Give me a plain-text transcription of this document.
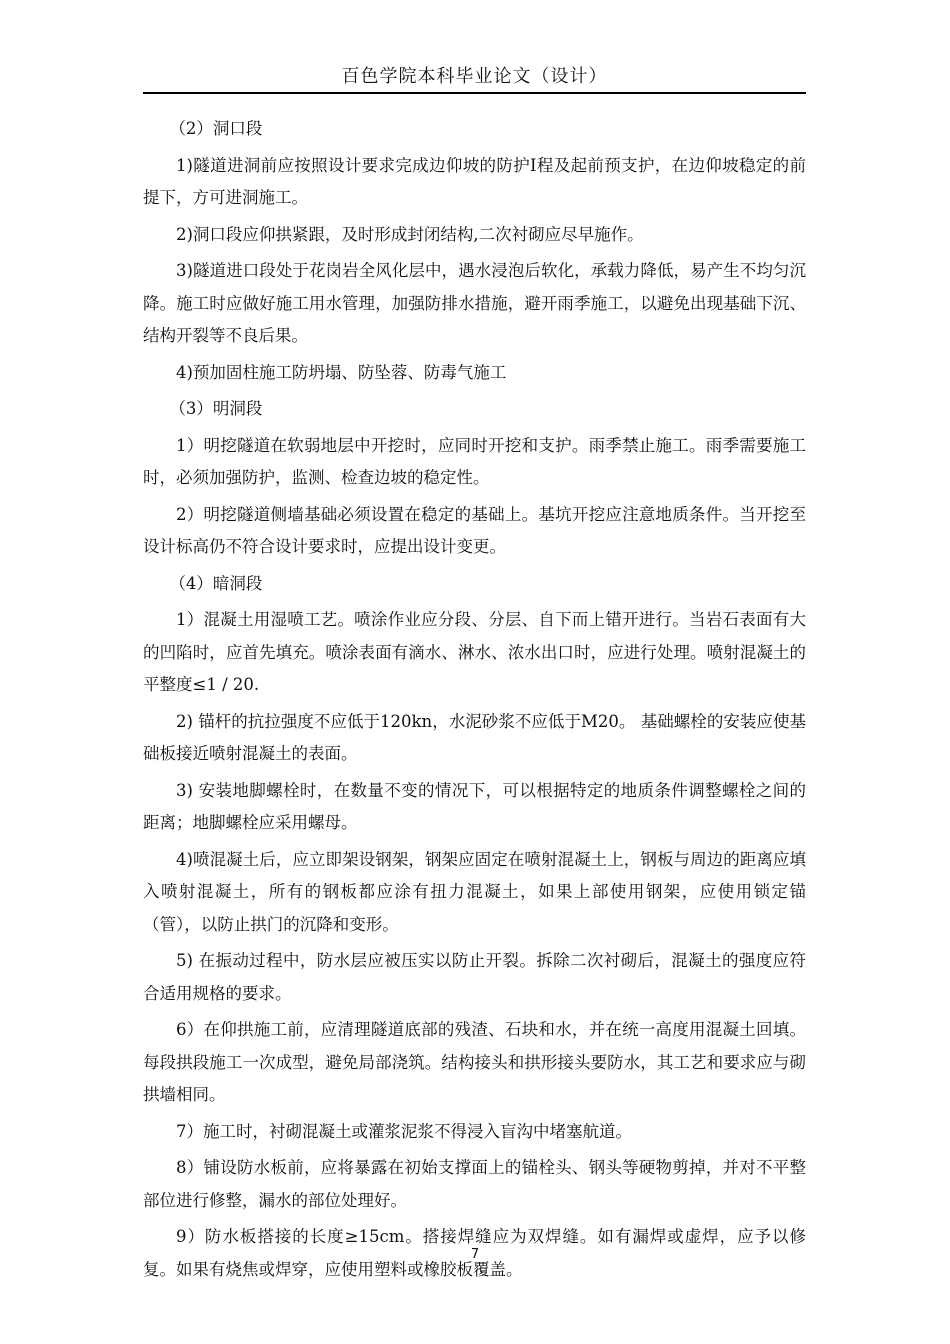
百色学院本科毕业论文（设计）

（2）洞口段

1)隧道进洞前应按照设计要求完成边仰坡的防护Ⅰ程及起前预支护，在边仰坡稳定的前提下，方可进洞施工。

2)洞口段应仰拱紧跟，及时形成封闭结构,二次衬砌应尽早施作。

3)隧道进口段处于花岗岩全风化层中，遇水浸泡后软化，承载力降低，易产生不均匀沉降。施工时应做好施工用水管理，加强防排水措施，避开雨季施工，以避免出现基础下沉、结构开裂等不良后果。

4)预加固柱施工防坍塌、防坠蓉、防毒气施工

（3）明洞段

1）明挖隧道在软弱地层中开挖时，应同时开挖和支护。雨季禁止施工。雨季需要施工时，必须加强防护，监测、检查边坡的稳定性。

2）明挖隧道侧墙基础必须设置在稳定的基础上。基坑开挖应注意地质条件。当开挖至设计标高仍不符合设计要求时，应提出设计变更。

（4）暗洞段

1）混凝土用湿喷工艺。喷涂作业应分段、分层、自下而上错开进行。当岩石表面有大的凹陷时，应首先填充。喷涂表面有滴水、淋水、浓水出口时，应进行处理。喷射混凝土的平整度≤1 / 20.

2) 锚杆的抗拉强度不应低于120kn，水泥砂浆不应低于M20。 基础螺栓的安装应使基础板接近喷射混凝土的表面。

3) 安装地脚螺栓时，在数量不变的情况下，可以根据特定的地质条件调整螺栓之间的距离；地脚螺栓应采用螺母。

4)喷混凝土后，应立即架设钢架，钢架应固定在喷射混凝土上，钢板与周边的距离应填入喷射混凝土，所有的钢板都应涂有扭力混凝土，如果上部使用钢架，应使用锁定锚（管），以防止拱门的沉降和变形。

5) 在振动过程中，防水层应被压实以防止开裂。拆除二次衬砌后，混凝土的强度应符合适用规格的要求。

6）在仰拱施工前，应清理隧道底部的残渣、石块和水，并在统一高度用混凝土回填。每段拱段施工一次成型，避免局部浇筑。结构接头和拱形接头要防水，其工艺和要求应与砌拱墙相同。

7）施工时，衬砌混凝土或灌浆泥浆不得浸入盲沟中堵塞航道。

8）铺设防水板前，应将暴露在初始支撑面上的锚栓头、钢头等硬物剪掉，并对不平整部位进行修整，漏水的部位处理好。

9）防水板搭接的长度≥15cm。搭接焊缝应为双焊缝。如有漏焊或虚焊，应予以修复。如果有烧焦或焊穿，应使用塑料或橡胶板覆盖。

7
